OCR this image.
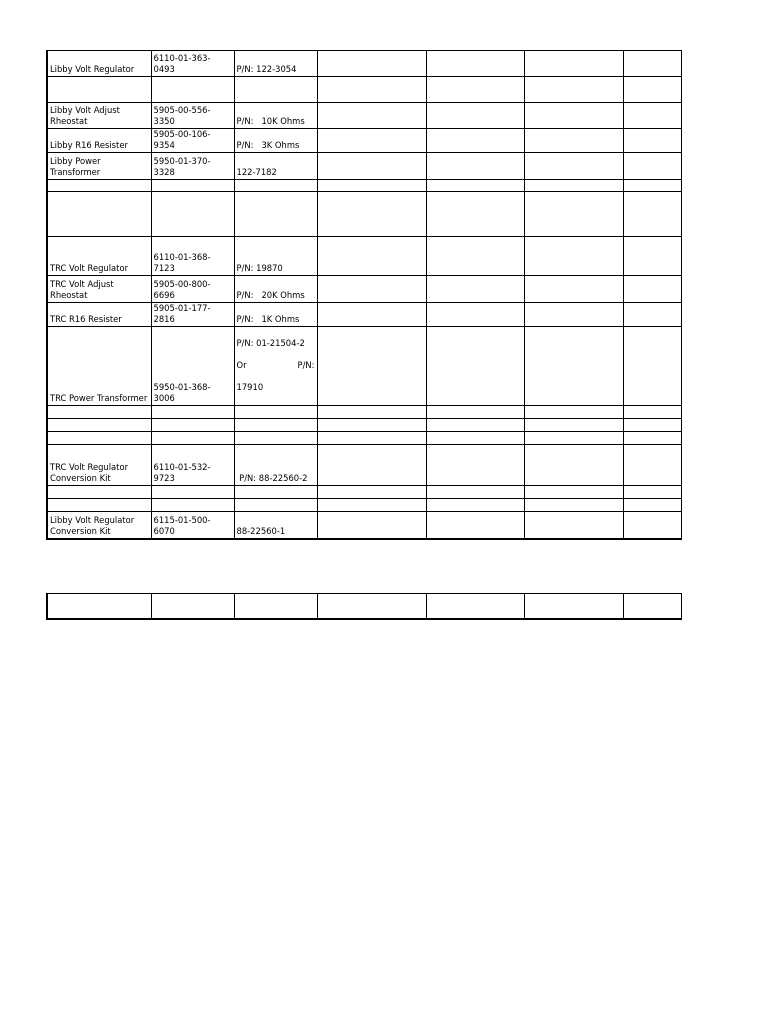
Libby Volt Regulator	6110-01-363-0493	P/N: 122-3054				

Libby Volt Adjust
Rheostat	5905-00-556-3350	P/N:   10K Ohms				
Libby R16 Resister	5905-00-106-9354	P/N:   3K Ohms				
Libby Power
Transformer	5950-01-370-3328	122-7182				

TRC Volt Regulator	6110-01-368-7123	P/N: 19870				
TRC Volt Adjust
Rheostat	5905-00-800-6696	P/N:   20K Ohms				
TRC R16 Resister	5905-01-177-2816	P/N:   1K Ohms				
TRC Power Transformer	5950-01-368-3006	P/N: 01-21504-2

Or P/N:

17910				

TRC Volt Regulator
Conversion Kit	6110-01-532-9723	P/N: 88-22560-2				

Libby Volt Regulator
Conversion Kit	6115-01-500-6070	88-22560-1				
